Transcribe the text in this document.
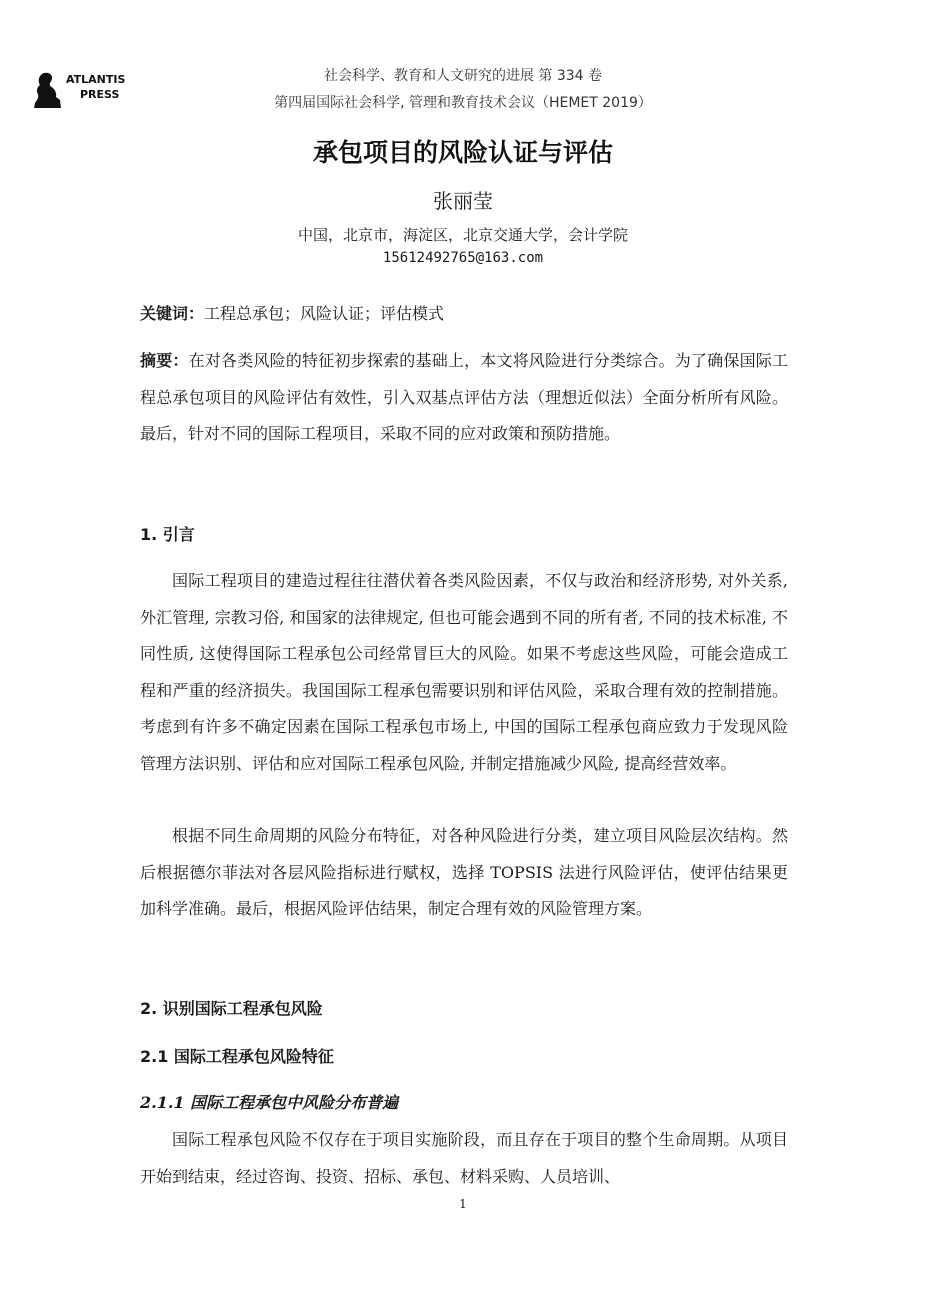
ATLANTIS
PRESS
社会科学、教育和人文研究的进展 第 334 卷
第四届国际社会科学, 管理和教育技术会议（HEMET 2019）
承包项目的风险认证与评估
张丽莹
中国，北京市，海淀区，北京交通大学，会计学院
15612492765@163.com

关键词：工程总承包；风险认证；评估模式

摘要：在对各类风险的特征初步探索的基础上，本文将风险进行分类综合。为了确保国际工程总承包项目的风险评估有效性，引入双基点评估方法（理想近似法）全面分析所有风险。最后，针对不同的国际工程项目，采取不同的应对政策和预防措施。

1. 引言

国际工程项目的建造过程往往潜伏着各类风险因素，不仅与政治和经济形势, 对外关系, 外汇管理, 宗教习俗, 和国家的法律规定, 但也可能会遇到不同的所有者, 不同的技术标准, 不同性质, 这使得国际工程承包公司经常冒巨大的风险。如果不考虑这些风险，可能会造成工程和严重的经济损失。我国国际工程承包需要识别和评估风险，采取合理有效的控制措施。考虑到有许多不确定因素在国际工程承包市场上, 中国的国际工程承包商应致力于发现风险管理方法识别、评估和应对国际工程承包风险, 并制定措施减少风险, 提高经营效率。

根据不同生命周期的风险分布特征，对各种风险进行分类，建立项目风险层次结构。然后根据德尔菲法对各层风险指标进行赋权，选择 TOPSIS 法进行风险评估，使评估结果更加科学准确。最后，根据风险评估结果，制定合理有效的风险管理方案。

2. 识别国际工程承包风险
2.1 国际工程承包风险特征
2.1.1 国际工程承包中风险分布普遍

国际工程承包风险不仅存在于项目实施阶段，而且存在于项目的整个生命周期。从项目开始到结束，经过咨询、投资、招标、承包、材料采购、人员培训、

1
